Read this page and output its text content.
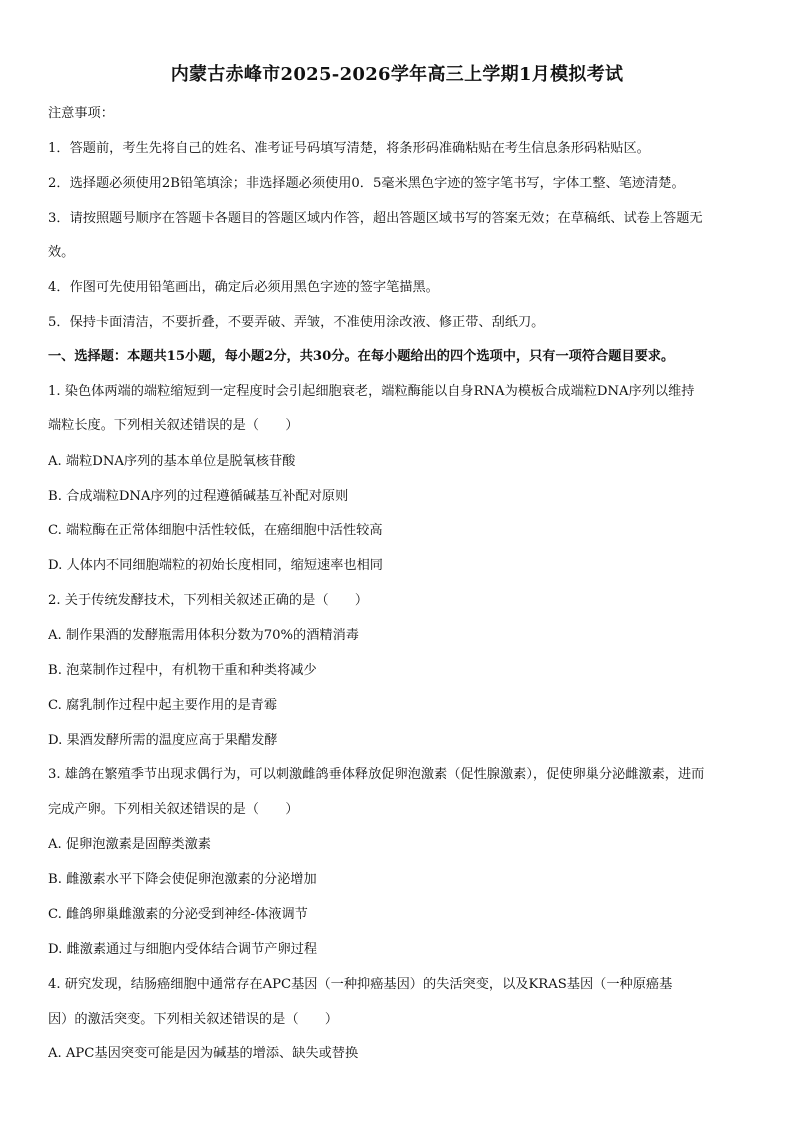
内蒙古赤峰市2025-2026学年高三上学期1月模拟考试
注意事项：
1．答题前，考生先将自己的姓名、准考证号码填写清楚，将条形码准确粘贴在考生信息条形码粘贴区。
2．选择题必须使用2B铅笔填涂；非选择题必须使用0．5毫米黑色字迹的签字笔书写，字体工整、笔迹清楚。
3．请按照题号顺序在答题卡各题目的答题区域内作答，超出答题区域书写的答案无效；在草稿纸、试卷上答题无
效。
4．作图可先使用铅笔画出，确定后必须用黑色字迹的签字笔描黑。
5．保持卡面清洁，不要折叠，不要弄破、弄皱，不准使用涂改液、修正带、刮纸刀。
一、选择题：本题共15小题，每小题2分，共30分。在每小题给出的四个选项中，只有一项符合题目要求。
1. 染色体两端的端粒缩短到一定程度时会引起细胞衰老，端粒酶能以自身RNA为模板合成端粒DNA序列以维持
端粒长度。下列相关叙述错误的是（　　）
A. 端粒DNA序列的基本单位是脱氧核苷酸
B. 合成端粒DNA序列的过程遵循碱基互补配对原则
C. 端粒酶在正常体细胞中活性较低，在癌细胞中活性较高
D. 人体内不同细胞端粒的初始长度相同，缩短速率也相同
2. 关于传统发酵技术，下列相关叙述正确的是（　　）
A. 制作果酒的发酵瓶需用体积分数为70%的酒精消毒
B. 泡菜制作过程中，有机物干重和种类将减少
C. 腐乳制作过程中起主要作用的是青霉
D. 果酒发酵所需的温度应高于果醋发酵
3. 雄鸽在繁殖季节出现求偶行为，可以刺激雌鸽垂体释放促卵泡激素（促性腺激素），促使卵巢分泌雌激素，进而
完成产卵。下列相关叙述错误的是（　　）
A. 促卵泡激素是固醇类激素
B. 雌激素水平下降会使促卵泡激素的分泌增加
C. 雌鸽卵巢雌激素的分泌受到神经-体液调节
D. 雌激素通过与细胞内受体结合调节产卵过程
4. 研究发现，结肠癌细胞中通常存在APC基因（一种抑癌基因）的失活突变，以及KRAS基因（一种原癌基
因）的激活突变。下列相关叙述错误的是（　　）
A. APC基因突变可能是因为碱基的增添、缺失或替换
